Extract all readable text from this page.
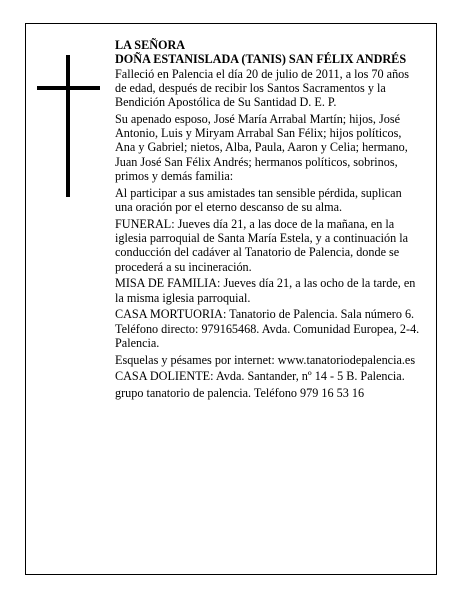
LA SEÑORA
DOÑA ESTANISLADA (TANIS) SAN FÉLIX ANDRÉS

Falleció en Palencia el día 20 de julio de 2011, a los 70 años de edad, después de recibir los Santos Sacramentos y la Bendición Apostólica de Su Santidad D. E. P.

Su apenado esposo, José María Arrabal Martín; hijos, José Antonio, Luis y Miryam Arrabal San Félix; hijos políticos, Ana y Gabriel; nietos, Alba, Paula, Aaron y Celia; hermano, Juan José San Félix Andrés; hermanos políticos, sobrinos, primos y demás familia:

Al participar a sus amistades tan sensible pérdida, suplican una oración por el eterno descanso de su alma.

FUNERAL: Jueves día 21, a las doce de la mañana, en la iglesia parroquial de Santa María Estela, y a continuación la conducción del cadáver al Tanatorio de Palencia, donde se procederá a su incineración.

MISA DE FAMILIA: Jueves día 21, a las ocho de la tarde, en la misma iglesia parroquial.

CASA MORTUORIA: Tanatorio de Palencia. Sala número 6. Teléfono directo: 979165468. Avda. Comunidad Europea, 2-4. Palencia.

Esquelas y pésames por internet: www.tanatoriodepalencia.es

CASA DOLIENTE: Avda. Santander, nº 14 - 5 B. Palencia.

grupo tanatorio de palencia. Teléfono 979 16 53 16
